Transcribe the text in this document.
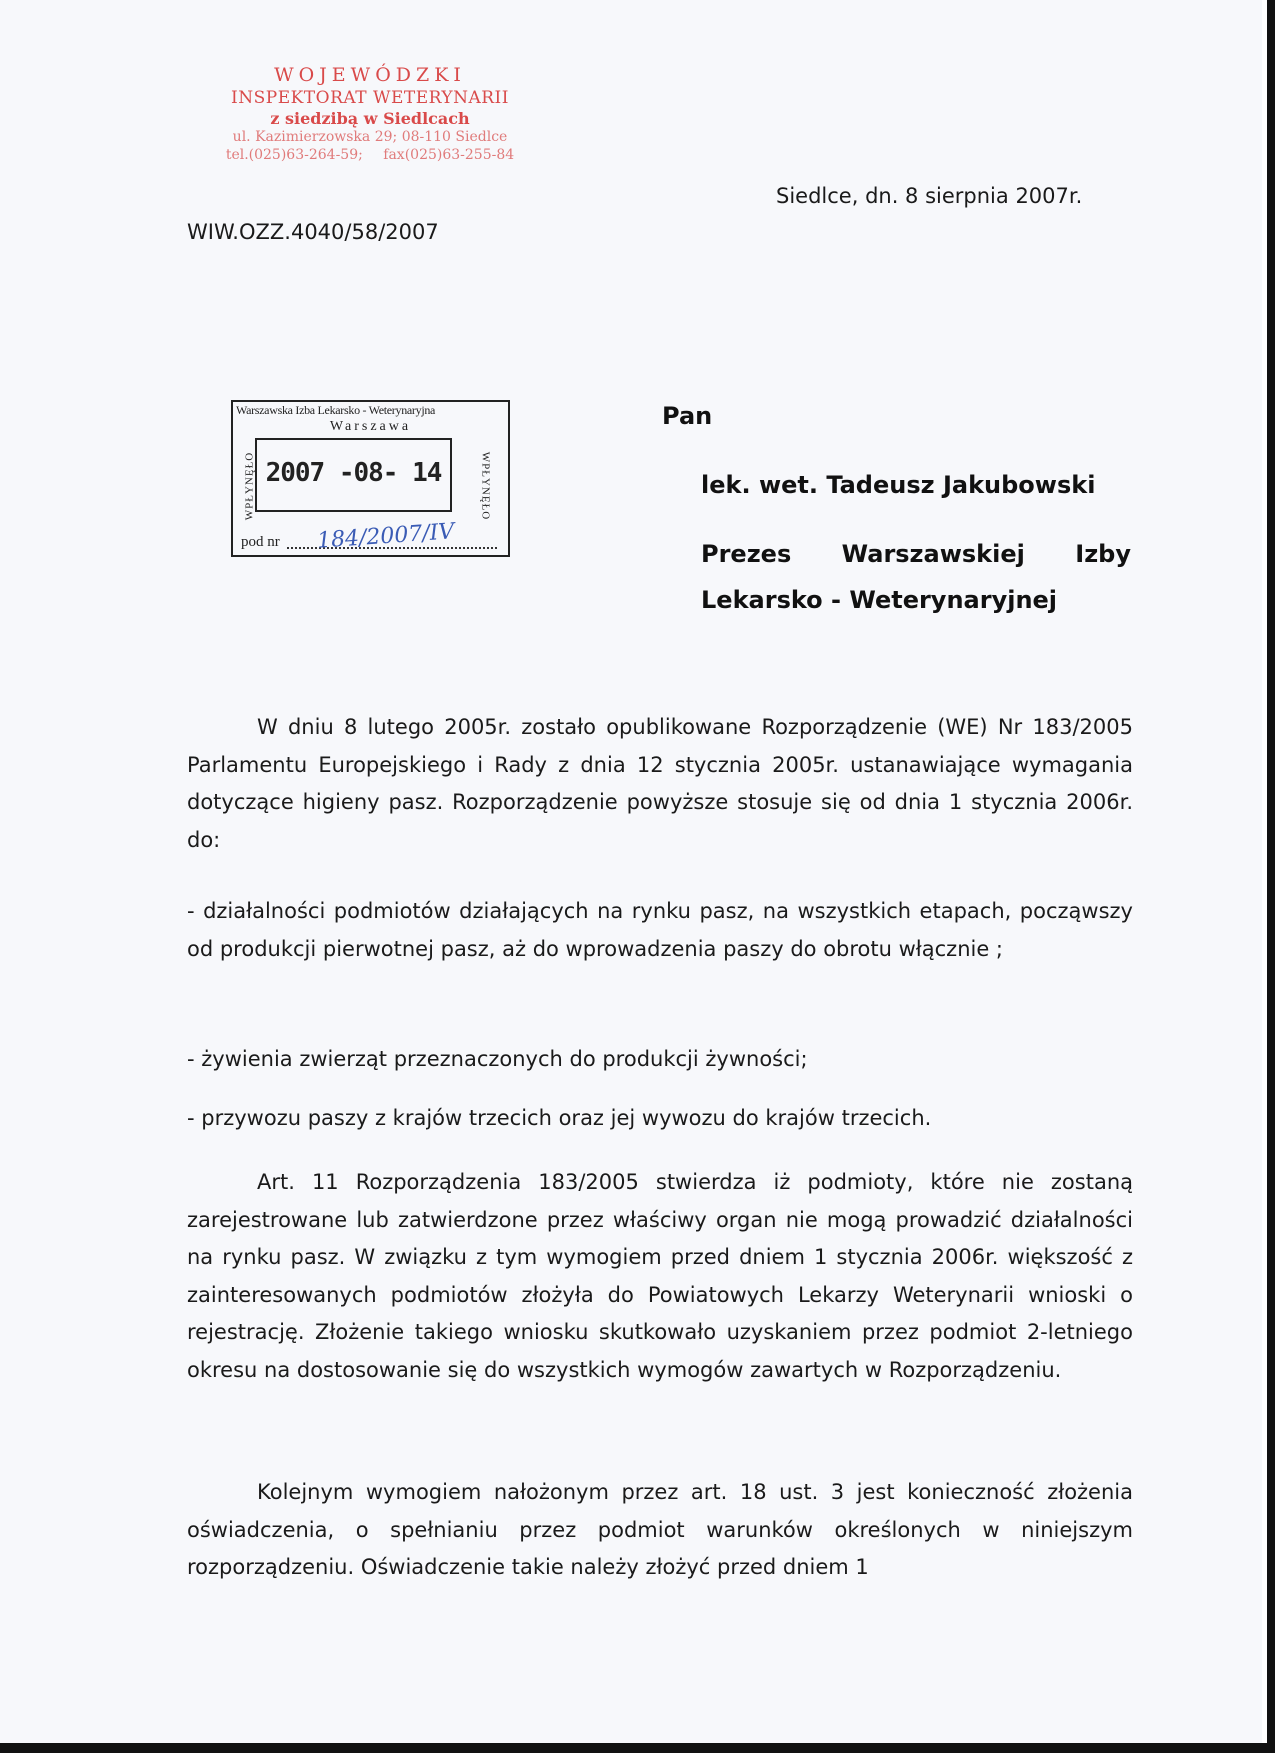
WOJEWÓDZKI
INSPEKTORAT WETERYNARII
z siedzibą w Siedlcach
ul. Kazimierzowska 29; 08-110 Siedlce
tel.(025)63-264-59; fax(025)63-255-84
Siedlce, dn. 8 sierpnia 2007r.
WIW.OZZ.4040/58/2007
Warszawska Izba Lekarsko - Weterynaryjna
Warszawa
WPŁYNĘŁO	WPŁYNĘŁO
2007 -08- 14
pod nr 184/2007/IV
Pan
lek. wet. Tadeusz Jakubowski
Prezes Warszawskiej Izby
Lekarsko - Weterynaryjnej

W dniu 8 lutego 2005r. zostało opublikowane Rozporządzenie (WE) Nr 183/2005 Parlamentu Europejskiego i Rady z dnia 12 stycznia 2005r. ustanawiające wymagania dotyczące higieny pasz. Rozporządzenie powyższe stosuje się od dnia 1 stycznia 2006r. do:

- działalności podmiotów działających na rynku pasz, na wszystkich etapach, począwszy od produkcji pierwotnej pasz, aż do wprowadzenia paszy do obrotu włącznie ;

- żywienia zwierząt przeznaczonych do produkcji żywności;

- przywozu paszy z krajów trzecich oraz jej wywozu do krajów trzecich.

Art. 11 Rozporządzenia 183/2005 stwierdza iż podmioty, które nie zostaną zarejestrowane lub zatwierdzone przez właściwy organ nie mogą prowadzić działalności na rynku pasz. W związku z tym wymogiem przed dniem 1 stycznia 2006r. większość z zainteresowanych podmiotów złożyła do Powiatowych Lekarzy Weterynarii wnioski o rejestrację. Złożenie takiego wniosku skutkowało uzyskaniem przez podmiot 2-letniego okresu na dostosowanie się do wszystkich wymogów zawartych w Rozporządzeniu.

Kolejnym wymogiem nałożonym przez art. 18 ust. 3 jest konieczność złożenia oświadczenia, o spełnianiu przez podmiot warunków określonych w niniejszym rozporządzeniu. Oświadczenie takie należy złożyć przed dniem 1
